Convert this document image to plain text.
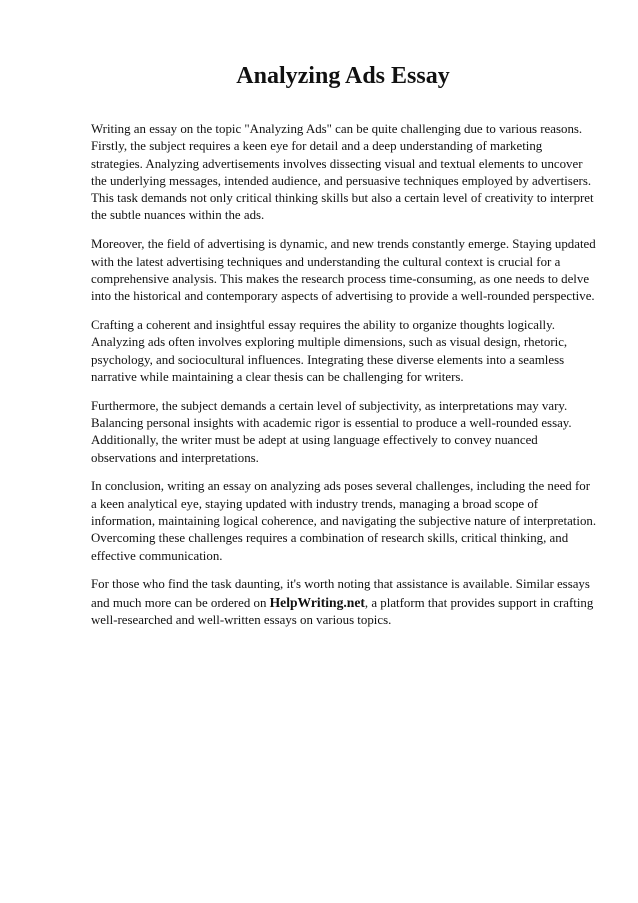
Analyzing Ads Essay

Writing an essay on the topic "Analyzing Ads" can be quite challenging due to various reasons. Firstly, the subject requires a keen eye for detail and a deep understanding of marketing strategies. Analyzing advertisements involves dissecting visual and textual elements to uncover the underlying messages, intended audience, and persuasive techniques employed by advertisers. This task demands not only critical thinking skills but also a certain level of creativity to interpret the subtle nuances within the ads.

Moreover, the field of advertising is dynamic, and new trends constantly emerge. Staying updated with the latest advertising techniques and understanding the cultural context is crucial for a comprehensive analysis. This makes the research process time-consuming, as one needs to delve into the historical and contemporary aspects of advertising to provide a well-rounded perspective.

Crafting a coherent and insightful essay requires the ability to organize thoughts logically. Analyzing ads often involves exploring multiple dimensions, such as visual design, rhetoric, psychology, and sociocultural influences. Integrating these diverse elements into a seamless narrative while maintaining a clear thesis can be challenging for writers.

Furthermore, the subject demands a certain level of subjectivity, as interpretations may vary. Balancing personal insights with academic rigor is essential to produce a well-rounded essay. Additionally, the writer must be adept at using language effectively to convey nuanced observations and interpretations.

In conclusion, writing an essay on analyzing ads poses several challenges, including the need for a keen analytical eye, staying updated with industry trends, managing a broad scope of information, maintaining logical coherence, and navigating the subjective nature of interpretation. Overcoming these challenges requires a combination of research skills, critical thinking, and effective communication.

For those who find the task daunting, it's worth noting that assistance is available. Similar essays and much more can be ordered on HelpWriting.net, a platform that provides support in crafting well-researched and well-written essays on various topics.
